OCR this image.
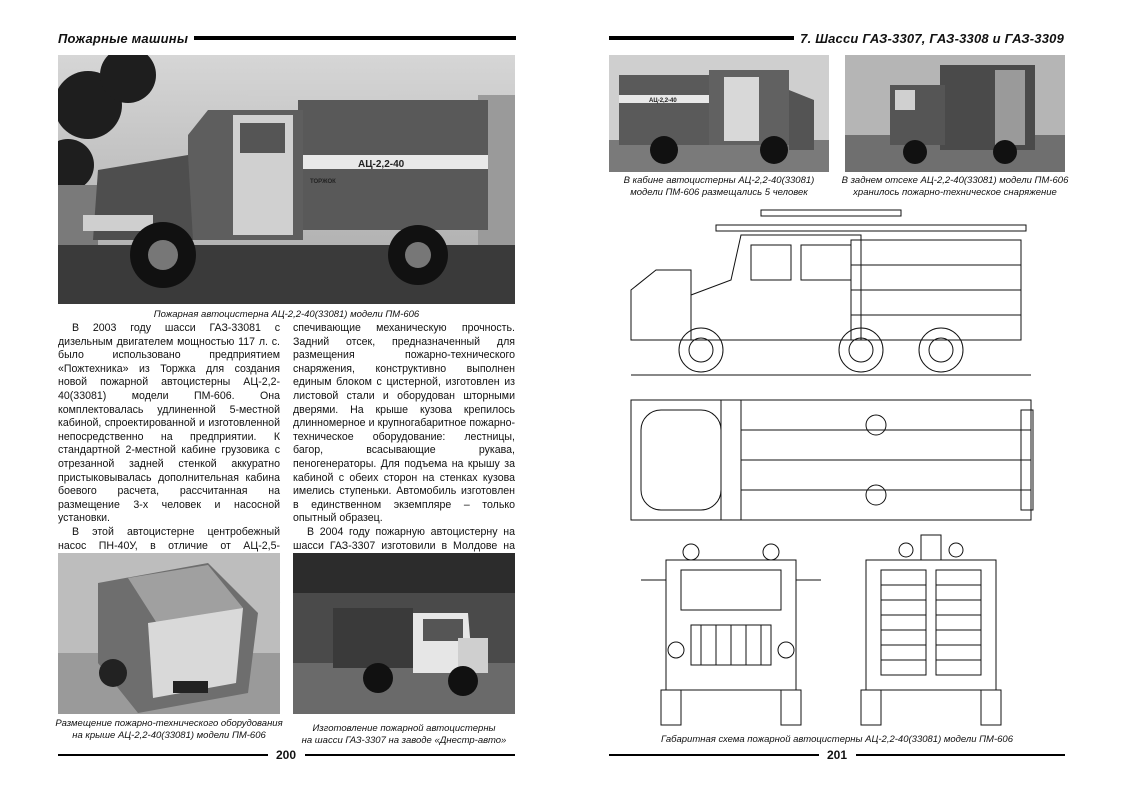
Пожарные машины
АЦ-2,2-40
ТОРЖОК
Пожарная автоцистерна АЦ-2,2-40(33081) модели ПМ-606

В 2003 году шасси ГАЗ-33081 с дизельным двигателем мощностью 117 л. с. было использовано предприятием «Пожтехника» из Торжка для создания новой пожарной автоцистерны АЦ-2,2-40(33081) модели ПМ-606. Она комплектовалась удлиненной 5-местной кабиной, спроектированной и изготовленной непосредственно на предприятии. К стандартной 2-местной кабине грузовика с отрезанной задней стенкой аккуратно пристыковывалась дополнительная кабина боевого расчета, рассчитанная на размещение 3-х человек и насосной установки.

В этой автоцистерне центробежный насос ПН-40У, в отличие от АЦ-2,5-

спечивающие механическую прочность. Задний отсек, предназначенный для размещения пожарно-технического снаряжения, конструктивно выполнен единым блоком с цистерной, изготовлен из листовой стали и оборудован шторными дверями. На крыше кузова крепилось длинномерное и крупногабаритное пожарно-техническое оборудование: лестницы, багор, всасывающие рукава, пеногенераторы. Для подъема на крышу за кабиной с обеих сторон на стенках кузова имелись ступеньки. Автомобиль изготовлен в единственном экземпляре – только опытный образец.

В 2004 году пожарную автоцистерну на шасси ГАЗ-3307 изготовили в Молдове на

Размещение пожарно-технического оборудования
на крыше АЦ-2,2-40(33081) модели ПМ-606
Изготовление пожарной автоцистерны
на шасси ГАЗ-3307 на заводе «Днестр-авто»
200
7. Шасси ГАЗ-3307, ГАЗ-3308 и ГАЗ-3309
АЦ-2,2-40
В кабине автоцистерны АЦ-2,2-40(33081)
модели ПМ-606 размещались 5 человек
В заднем отсеке АЦ-2,2-40(33081) модели ПМ-606
хранилось пожарно-техническое снаряжение
Габаритная схема пожарной автоцистерны АЦ-2,2-40(33081) модели ПМ-606
201
